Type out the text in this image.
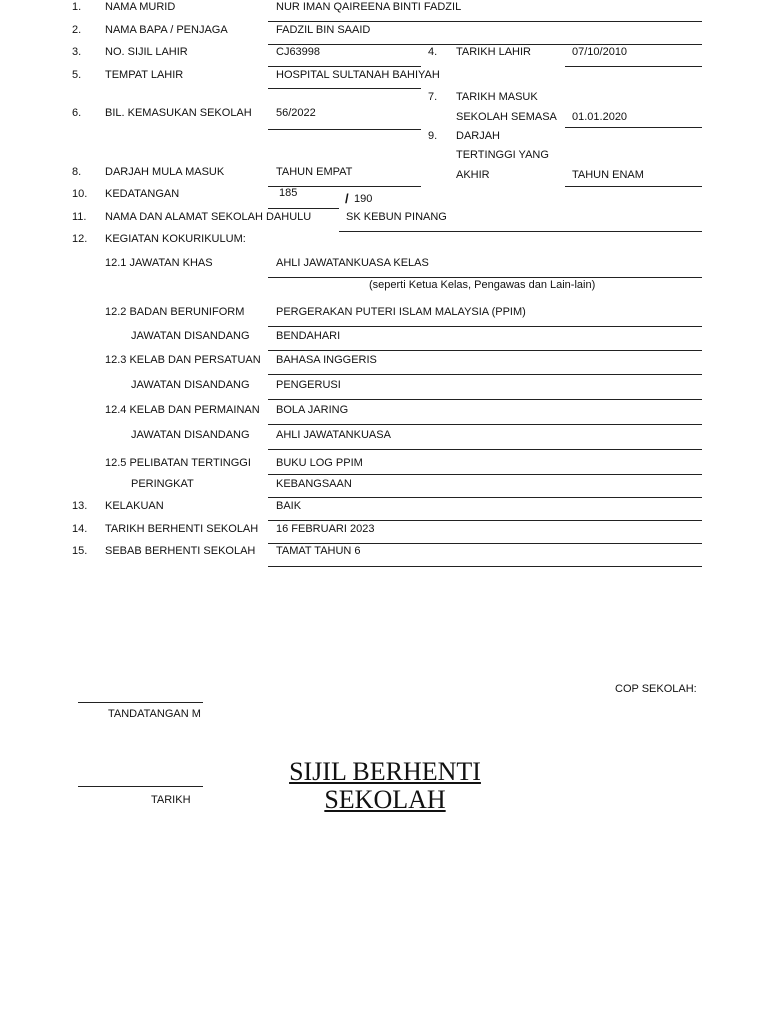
1. NAMA MURID	NUR IMAN QAIREENA BINTI FADZIL
2. NAMA BAPA / PENJAGA	FADZIL BIN SAAID
3. NO. SIJIL LAHIR	CJ63998	4. TARIKH LAHIR	07/10/2010
5. TEMPAT LAHIR	HOSPITAL SULTANAH BAHIYAH
7. TARIKH MASUK
SEKOLAH SEMASA 01.01.2020
6. BIL. KEMASUKAN SEKOLAH 56/2022
9. DARJAH
TERTINGGI YANG
AKHIR	TAHUN ENAM
8. DARJAH MULA MASUK	TAHUN EMPAT
10. KEDATANGAN	185	/ 190
11. NAMA DAN ALAMAT SEKOLAH DAHULU	SK KEBUN PINANG
12. KEGIATAN KOKURIKULUM:
12.1 JAWATAN KHAS	AHLI JAWATANKUASA KELAS
(seperti Ketua Kelas, Pengawas dan Lain-lain)
12.2 BADAN BERUNIFORM	PERGERAKAN PUTERI ISLAM MALAYSIA (PPIM)
JAWATAN DISANDANG BENDAHARI
12.3 KELAB DAN PERSATUAN BAHASA INGGERIS
JAWATAN DISANDANG PENGERUSI
12.4 KELAB DAN PERMAINAN BOLA JARING
JAWATAN DISANDANG AHLI JAWATANKUASA
12.5 PELIBATAN TERTINGGI BUKU LOG PPIM
PERINGKAT	KEBANGSAAN
13. KELAKUAN	BAIK
14. TARIKH BERHENTI SEKOLAH 16 FEBRUARI 2023
15. SEBAB BERHENTI SEKOLAH TAMAT TAHUN 6
COP SEKOLAH:
TANDATANGAN M
TARIKH
SIJIL BERHENTI SEKOLAH
